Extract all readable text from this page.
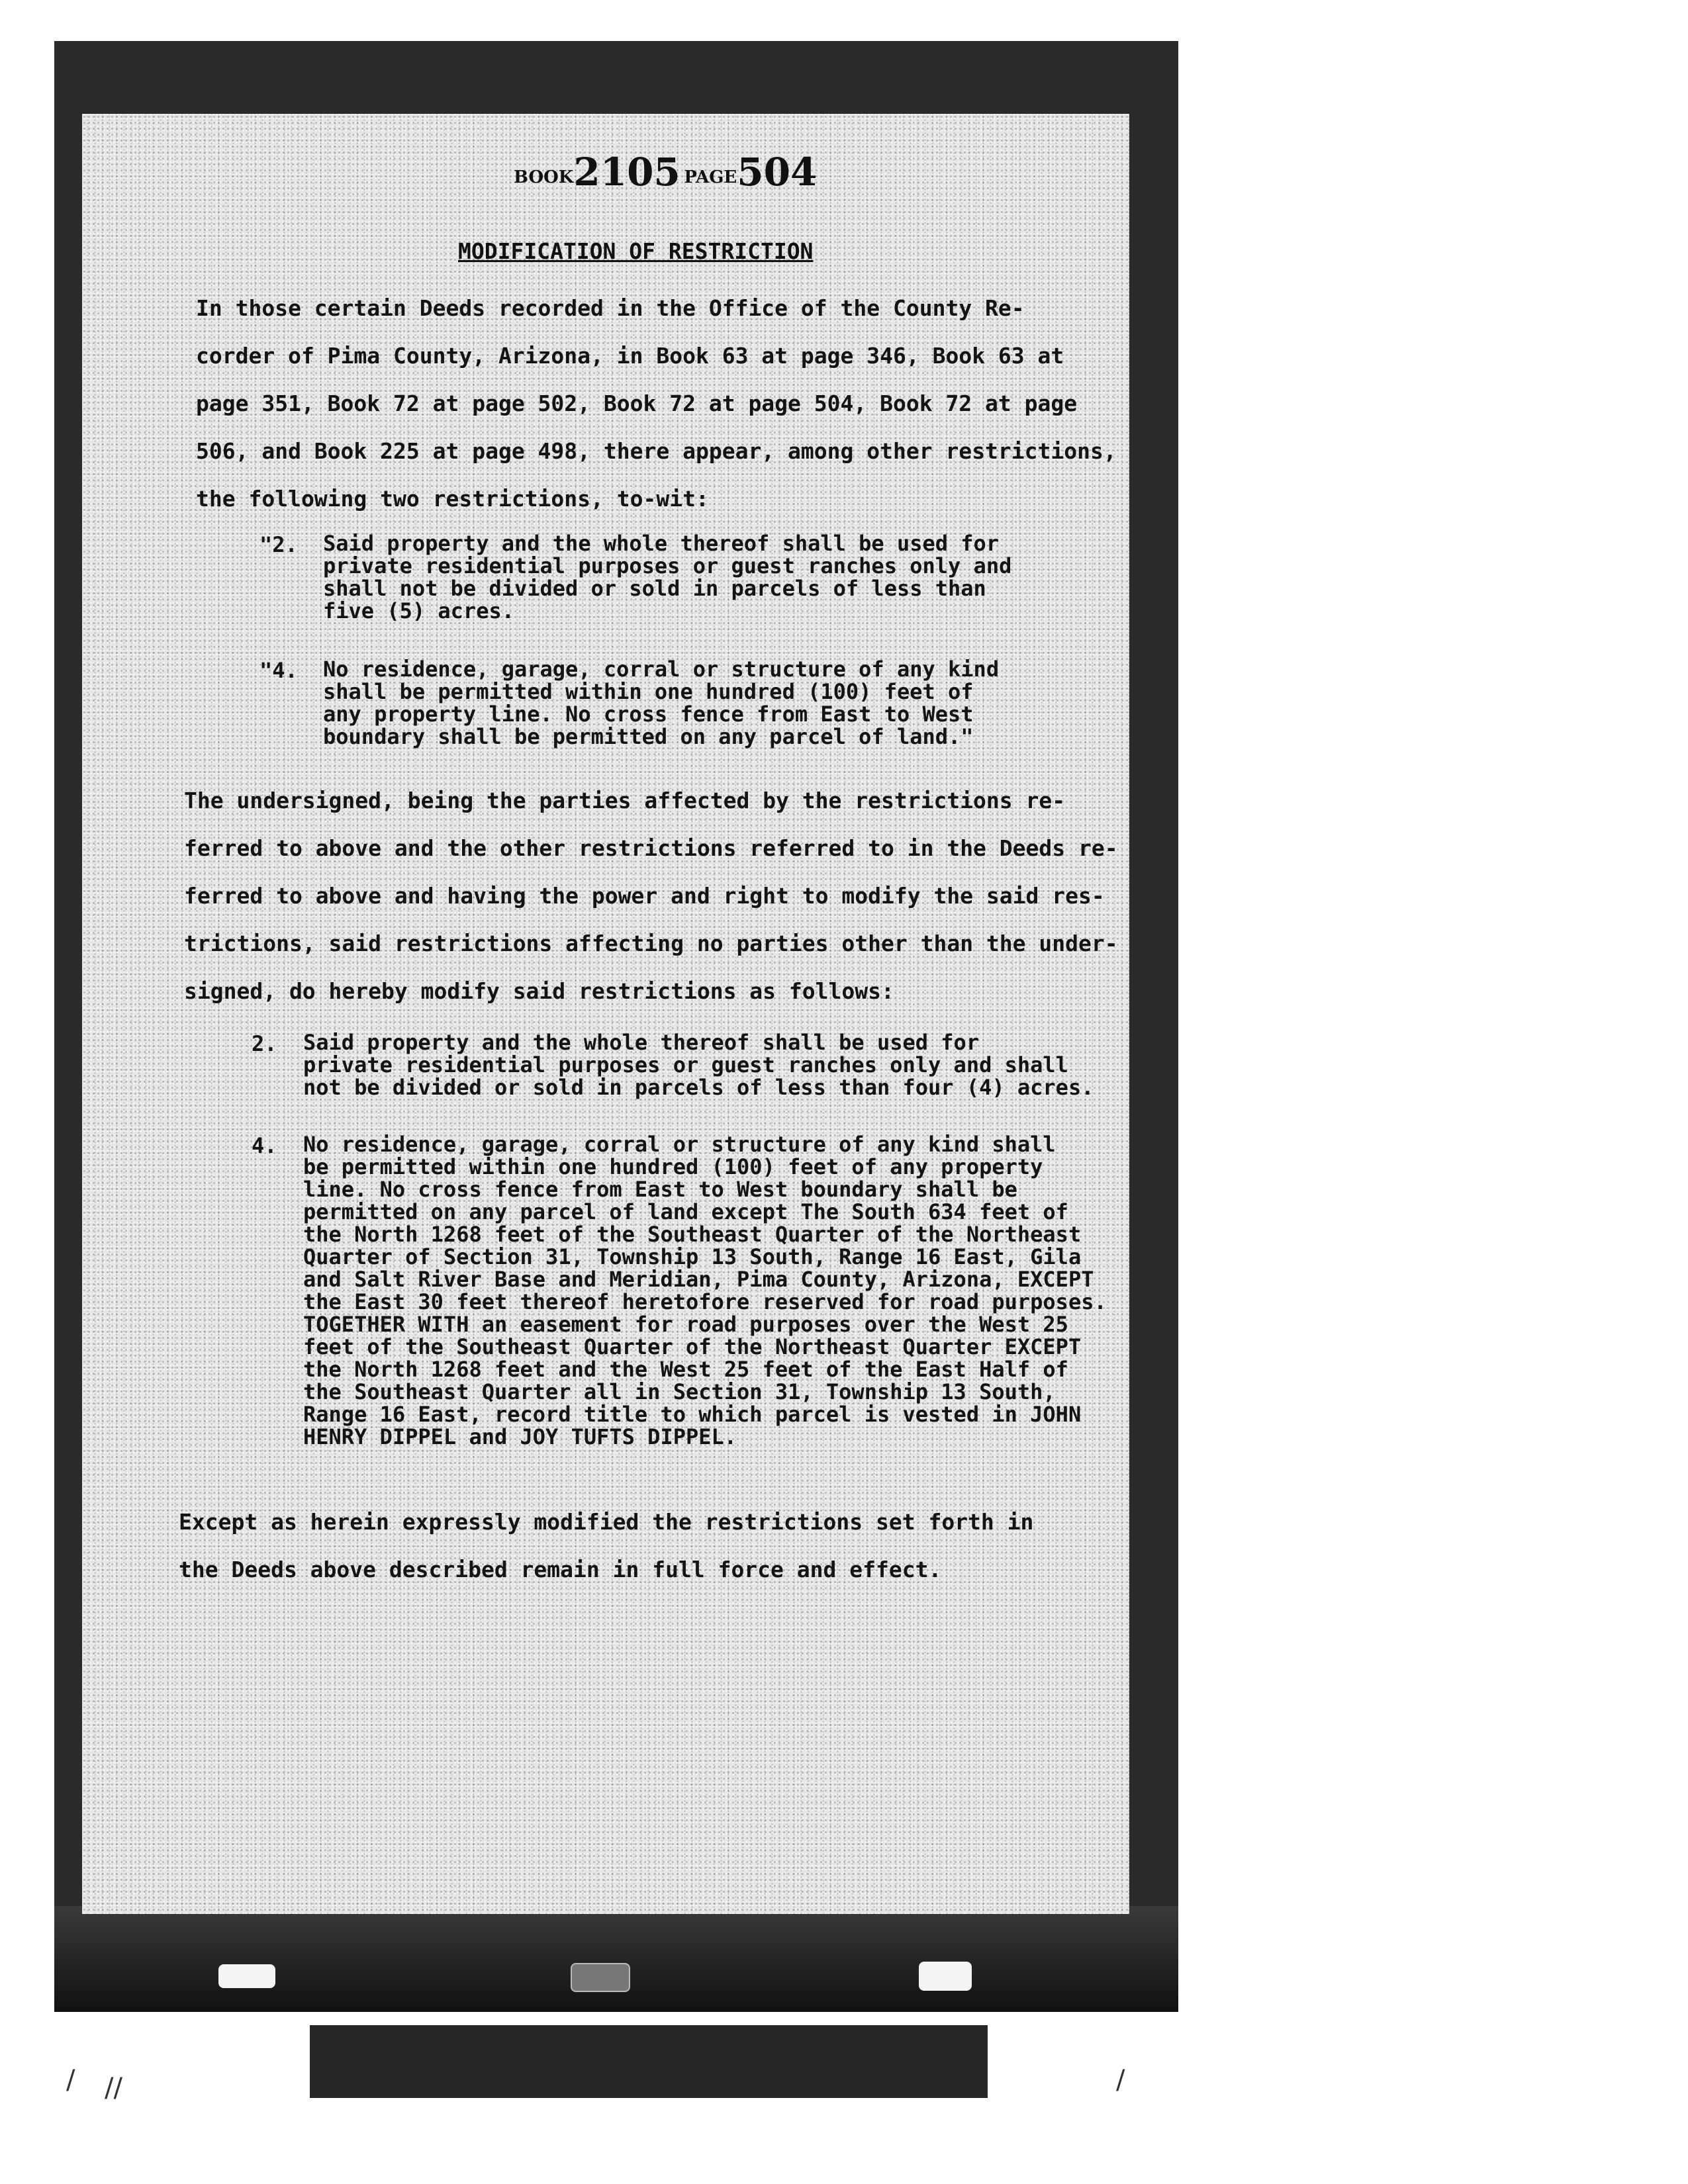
/ //	/
BOOK2105 PAGE504
MODIFICATION OF RESTRICTION

In those certain Deeds recorded in the Office of the County Re-
corder of Pima County, Arizona, in Book 63 at page 346, Book 63 at
page 351, Book 72 at page 502, Book 72 at page 504, Book 72 at page
506, and Book 225 at page 498, there appear, among other restrictions,
the following two restrictions, to-wit:

"2. Said property and the whole thereof shall be used for
private residential purposes or guest ranches only and
shall not be divided or sold in parcels of less than
five (5) acres.

"4. No residence, garage, corral or structure of any kind
shall be permitted within one hundred (100) feet of
any property line. No cross fence from East to West
boundary shall be permitted on any parcel of land."

The undersigned, being the parties affected by the restrictions re-
ferred to above and the other restrictions referred to in the Deeds re-
ferred to above and having the power and right to modify the said res-
trictions, said restrictions affecting no parties other than the under-
signed, do hereby modify said restrictions as follows:

2. Said property and the whole thereof shall be used for
private residential purposes or guest ranches only and shall
not be divided or sold in parcels of less than four (4) acres.

4. No residence, garage, corral or structure of any kind shall
be permitted within one hundred (100) feet of any property
line. No cross fence from East to West boundary shall be
permitted on any parcel of land except The South 634 feet of
the North 1268 feet of the Southeast Quarter of the Northeast
Quarter of Section 31, Township 13 South, Range 16 East, Gila
and Salt River Base and Meridian, Pima County, Arizona, EXCEPT
the East 30 feet thereof heretofore reserved for road purposes.
TOGETHER WITH an easement for road purposes over the West 25
feet of the Southeast Quarter of the Northeast Quarter EXCEPT
the North 1268 feet and the West 25 feet of the East Half of
the Southeast Quarter all in Section 31, Township 13 South,
Range 16 East, record title to which parcel is vested in JOHN
HENRY DIPPEL and JOY TUFTS DIPPEL.

Except as herein expressly modified the restrictions set forth in
the Deeds above described remain in full force and effect.
